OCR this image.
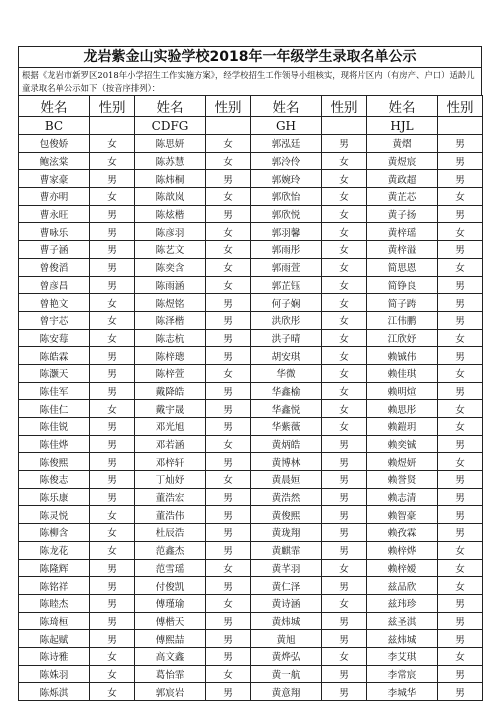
龙岩紫金山实验学校2018年一年级学生录取名单公示
根据《龙岩市新罗区2018年小学招生工作实施方案》，经学校招生工作领导小组核实，现将片区内（有房产、户口）适龄儿童录取名单公示如下（按音序排列）：
姓名	性别	姓名	性别	姓名	性别	姓名	性别
BC		CDFG		GH		HJL	
包俊娇	女	陈思妍	女	郭泓廷	男	黄熠	男
鲍泫棠	女	陈苏慧	女	郭泠伶	女	黄煜宸	男
曹家豪	男	陈炜桐	男	郭婉玲	女	黄政超	男
曹亦明	女	陈歆岚	女	郭欣怡	女	黄芷芯	女
曹永旺	男	陈炫楷	男	郭欣悦	女	黄子扬	男
曹咏乐	男	陈彦羽	女	郭羽馨	女	黄梓瑶	女
曹子涵	男	陈艺文	女	郭雨彤	女	黄梓溢	男
曾俊滔	男	陈奕含	女	郭雨萱	女	简思恩	女
曾彦昌	男	陈雨涵	女	郭芷钰	女	简铮良	男
曾艳文	女	陈煜铭	男	何子娴	女	简子踌	男
曾宇芯	女	陈泽楷	男	洪欣彤	女	江伟鹏	男
陈安莓	女	陈志杭	男	洪子晴	女	江欣妤	女
陈皓霖	男	陈梓璁	男	胡安琪	女	赖铖伟	男
陈灏天	男	陈梓萱	女	华微	女	赖佳琪	女
陈佳军	男	戴降皓	男	华鑫榆	女	赖明煊	男
陈佳仁	女	戴宇晟	男	华鑫悦	女	赖思彤	女
陈佳锐	男	邓光旭	男	华紫薇	女	赖鎧玥	女
陈佳烨	男	邓若涵	女	黄炳皓	男	赖奕铖	男
陈俊熙	男	邓梓轩	男	黄博林	男	赖煜妍	女
陈俊志	男	丁灿妤	女	黄晨姮	男	赖誉贤	男
陈乐康	男	董浩宏	男	黄浩然	男	赖志清	男
陈灵悦	女	董浩伟	男	黄俊熙	男	赖智豪	男
陈柳含	女	杜辰浩	男	黄珑翔	男	赖孜霖	男
陈龙花	女	范鑫杰	男	黄麒霏	男	赖梓烨	女
陈隆辉	男	范雪瑶	女	黄芊羽	女	赖梓嫒	女
陈铭祥	男	付俊凯	男	黄仁泽	男	兹品欣	女
陈睦杰	男	傅瑾瑜	女	黄诗涵	女	兹玮珍	男
陈琦桓	男	傅楷天	男	黄炜城	男	兹圣淇	男
陈起赋	男	傅熙喆	男	黄旭	男	兹炜城	男
陈诗雅	女	高文鑫	男	黄烨弘	女	李艾琪	女
陈姝羽	女	葛怡霏	女	黄一航	男	李常宸	男
陈烁淇	女	郭宸岩	男	黄意翔	男	李城华	男
